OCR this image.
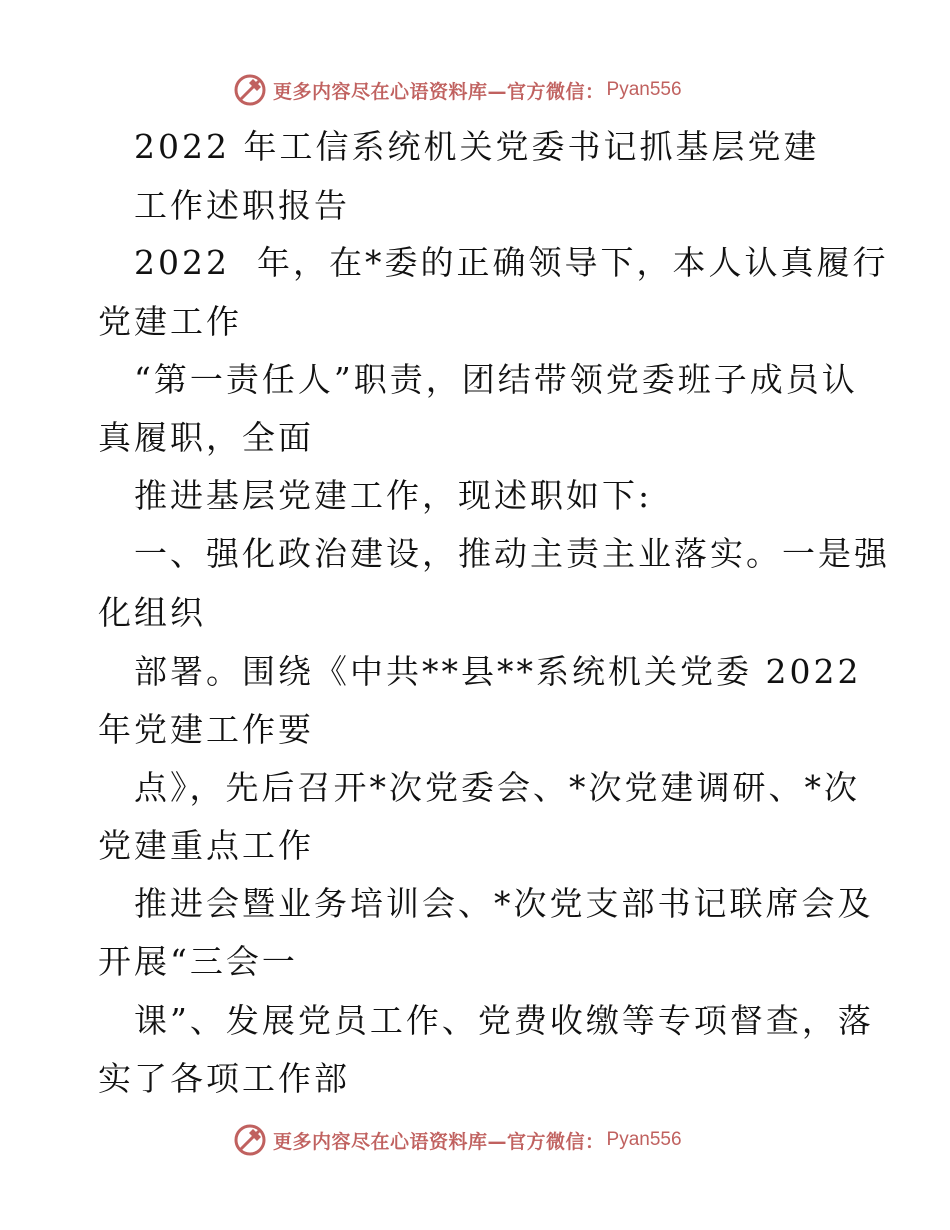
更多内容尽在心语资料库—官方微信： Pyan556
2022 年工信系统机关党委书记抓基层党建
工作述职报告
2022  年，在*委的正确领导下，本人认真履行
党建工作
“第一责任人”职责，团结带领党委班子成员认
真履职，全面
推进基层党建工作，现述职如下:
一、强化政治建设，推动主责主业落实。一是强
化组织
部署。围绕《中共**县**系统机关党委 2022
年党建工作要
点》，先后召开*次党委会、*次党建调研、*次
党建重点工作
推进会暨业务培训会、*次党支部书记联席会及
开展“三会一
课”、发展党员工作、党费收缴等专项督查，落
实了各项工作部
更多内容尽在心语资料库—官方微信： Pyan556
